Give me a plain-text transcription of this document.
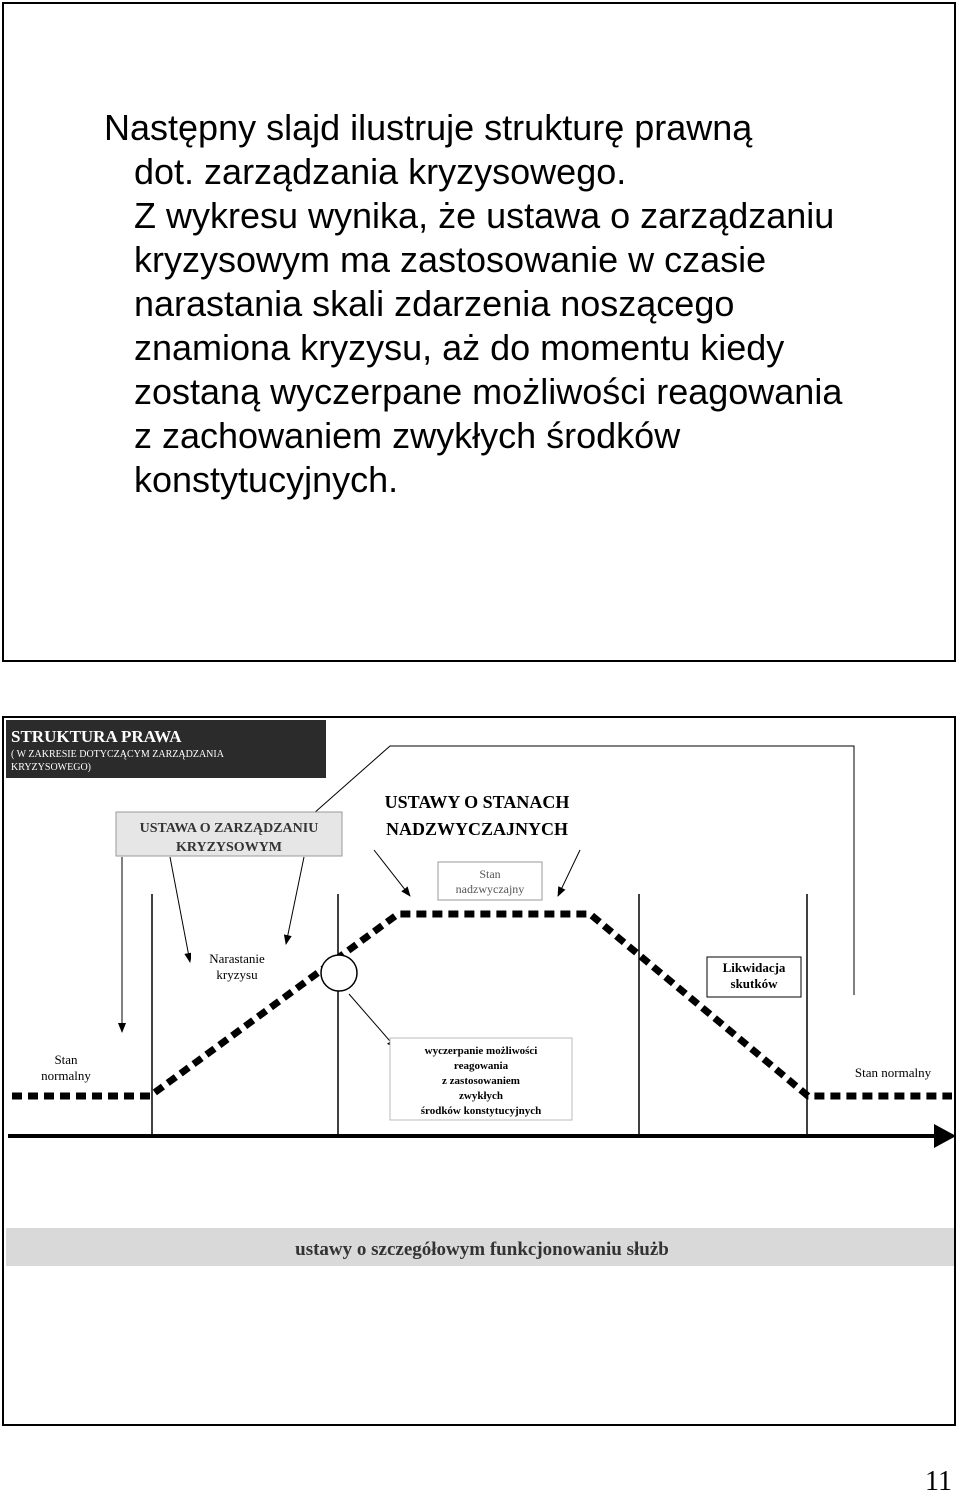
Następny slajd ilustruje strukturę prawną
dot. zarządzania kryzysowego.
Z wykresu wynika, że ustawa o zarządzaniu
kryzysowym ma zastosowanie w czasie
narastania skali zdarzenia noszącego
znamiona kryzysu, aż do momentu kiedy
zostaną wyczerpane możliwości reagowania
z zachowaniem zwykłych środków
konstytucyjnych.
STRUKTURA PRAWA
( W ZAKRESIE DOTYCZĄCYM ZARZĄDZANIA
KRYZYSOWEGO)
USTAWA O ZARZĄDZANIU
KRYZYSOWYM
USTAWY O STANACH
NADZWYCZAJNYCH
Stan
nadzwyczajny
Narastanie
kryzysu	Likwidacja
skutków
Stan
normalny	Stan normalny
wyczerpanie możliwości
reagowania
z zastosowaniem
zwykłych
środków konstytucyjnych
ustawy o szczegółowym funkcjonowaniu służb
11
